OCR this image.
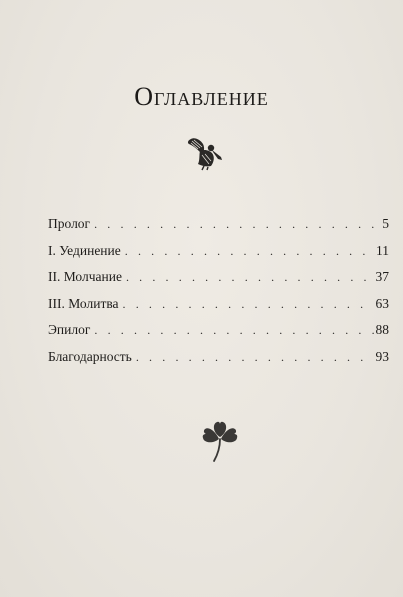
Оглавление
Пролог . . .	5
I. Уединение . . .	11
II. Молчание . . .	37
III. Молитва . . .	63
Эпилог . . .	88
Благодарность . . .	93
